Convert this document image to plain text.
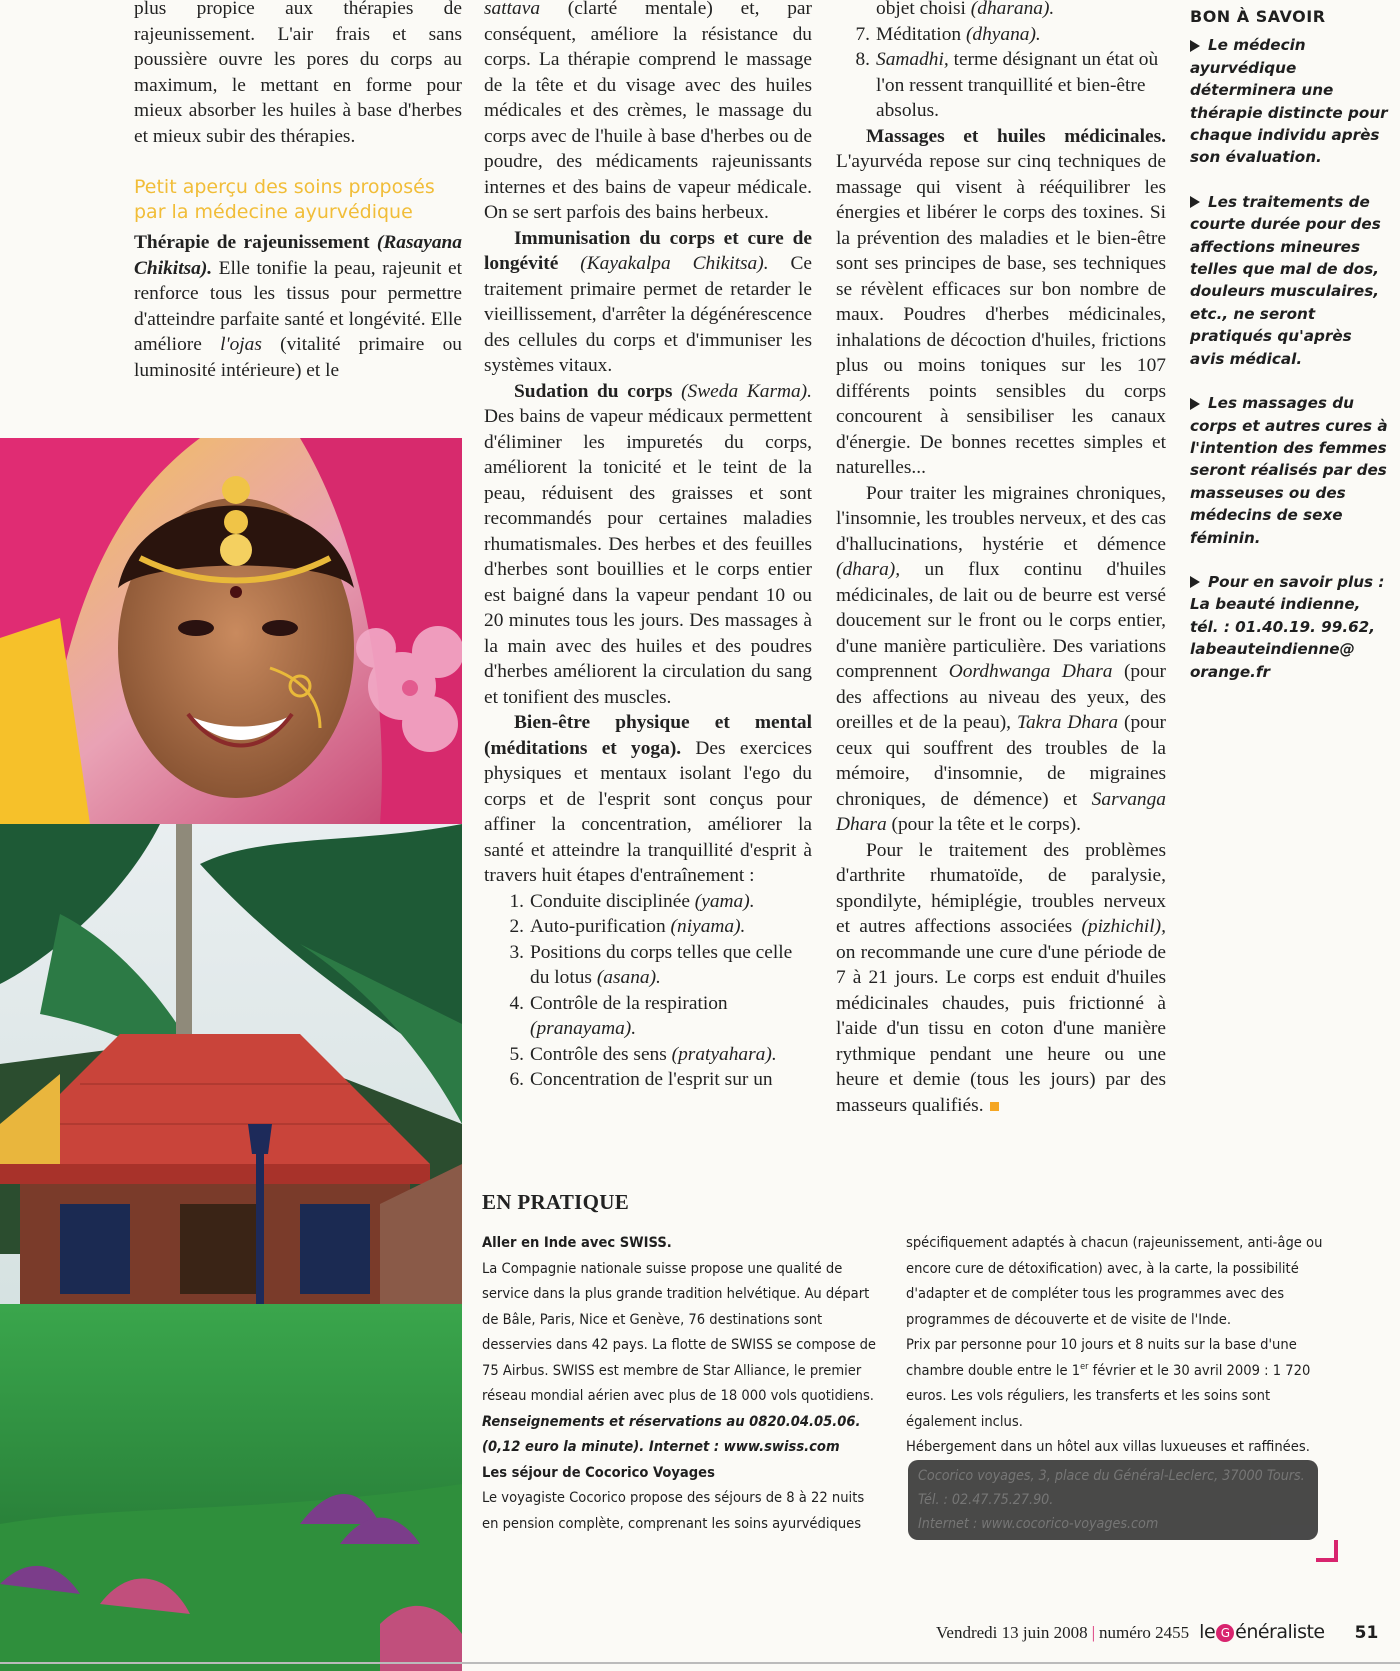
plus propice aux thérapies de rajeunissement. L'air frais et sans poussière ouvre les pores du corps au maximum, le mettant en forme pour mieux absorber les huiles à base d'herbes et mieux subir des thérapies.

Petit aperçu des soins proposés par la médecine ayurvédique

Thérapie de rajeunissement (Rasayana Chikitsa). Elle tonifie la peau, rajeunit et renforce tous les tissus pour permettre d'atteindre parfaite santé et longévité. Elle améliore l'ojas (vitalité primaire ou luminosité intérieure) et le

sattava (clarté mentale) et, par conséquent, améliore la résistance du corps. La thérapie comprend le massage de la tête et du visage avec des huiles médicales et des crèmes, le massage du corps avec de l'huile à base d'herbes ou de poudre, des médicaments rajeunissants internes et des bains de vapeur médicale. On se sert parfois des bains herbeux.

Immunisation du corps et cure de longévité (Kayakalpa Chikitsa). Ce traitement primaire permet de retarder le vieillissement, d'arrêter la dégénérescence des cellules du corps et d'immuniser les systèmes vitaux.

Sudation du corps (Sweda Karma). Des bains de vapeur médicaux permettent d'éliminer les impuretés du corps, améliorent la tonicité et le teint de la peau, réduisent des graisses et sont recommandés pour certaines maladies rhumatismales. Des herbes et des feuilles d'herbes sont bouillies et le corps entier est baigné dans la vapeur pendant 10 ou 20 minutes tous les jours. Des massages à la main avec des huiles et des poudres d'herbes améliorent la circulation du sang et tonifient des muscles.

Bien-être physique et mental (méditations et yoga). Des exercices physiques et mentaux isolant l'ego du corps et de l'esprit sont conçus pour affiner la concentration, améliorer la santé et atteindre la tranquillité d'esprit à travers huit étapes d'entraînement :

1. Conduite disciplinée (yama).
2. Auto-purification (niyama).
3. Positions du corps telles que celle du lotus (asana).
4. Contrôle de la respiration (pranayama).
5. Contrôle des sens (pratyahara).
6. Concentration de l'esprit sur un
objet choisi (dharana).
7. Méditation (dhyana).
8. Samadhi, terme désignant un état où l'on ressent tranquillité et bien-être absolus.

Massages et huiles médicinales. L'ayurvéda repose sur cinq techniques de massage qui visent à rééquilibrer les énergies et libérer le corps des toxines. Si la prévention des maladies et le bien-être sont ses principes de base, ses techniques se révèlent efficaces sur bon nombre de maux. Poudres d'herbes médicinales, inhalations de décoction d'huiles, frictions plus ou moins toniques sur les 107 différents points sensibles du corps concourent à sensibiliser les canaux d'énergie. De bonnes recettes simples et naturelles...

Pour traiter les migraines chroniques, l'insomnie, les troubles nerveux, et des cas d'hallucinations, hystérie et démence (dhara), un flux continu d'huiles médicinales, de lait ou de beurre est versé doucement sur le front ou le corps entier, d'une manière particulière. Des variations comprennent Oordhwanga Dhara (pour des affections au niveau des yeux, des oreilles et de la peau), Takra Dhara (pour ceux qui souffrent des troubles de la mémoire, d'insomnie, de migraines chroniques, de démence) et Sarvanga Dhara (pour la tête et le corps).

Pour le traitement des problèmes d'arthrite rhumatoïde, de paralysie, spondilyte, hémiplégie, troubles nerveux et autres affections associées (pizhichil), on recommande une cure d'une période de 7 à 21 jours. Le corps est enduit d'huiles médicinales chaudes, puis frictionné à l'aide d'un tissu en coton d'une manière rythmique pendant une heure ou une heure et demie (tous les jours) par des masseurs qualifiés.

BON À SAVOIR
Le médecin ayurvédique déterminera une thérapie distincte pour chaque individu après son évaluation.
Les traitements de courte durée pour des affections mineures telles que mal de dos, douleurs musculaires, etc., ne seront pratiqués qu'après avis médical.
Les massages du corps et autres cures à l'intention des femmes seront réalisés par des masseuses ou des médecins de sexe féminin.
Pour en savoir plus : La beauté indienne, tél. : 01.40.19. 99.62, labeauteindienne@ orange.fr
EN PRATIQUE
Aller en Inde avec SWISS.
La Compagnie nationale suisse propose une qualité de service dans la plus grande tradition helvétique. Au départ de Bâle, Paris, Nice et Genève, 76 destinations sont desservies dans 42 pays. La flotte de SWISS se compose de 75 Airbus. SWISS est membre de Star Alliance, le premier réseau mondial aérien avec plus de 18 000 vols quotidiens.
Renseignements et réservations au 0820.04.05.06. (0,12 euro la minute). Internet : www.swiss.com
Les séjour de Cocorico Voyages
Le voyagiste Cocorico propose des séjours de 8 à 22 nuits en pension complète, comprenant les soins ayurvédiques
spécifiquement adaptés à chacun (rajeunissement, anti-âge ou encore cure de détoxification) avec, à la carte, la possibilité d'adapter et de compléter tous les programmes avec des programmes de découverte et de visite de l'Inde.
Prix par personne pour 10 jours et 8 nuits sur la base d'une chambre double entre le 1er février et le 30 avril 2009 : 1 720 euros. Les vols réguliers, les transferts et les soins sont également inclus.
Hébergement dans un hôtel aux villas luxueuses et raffinées.
Cocorico voyages, 3, place du Général-Leclerc, 37000 Tours.
Tél. : 02.47.75.27.90.
Internet : www.cocorico-voyages.com
Vendredi 13 juin 2008 | numéro 2455 le G énéraliste 51
